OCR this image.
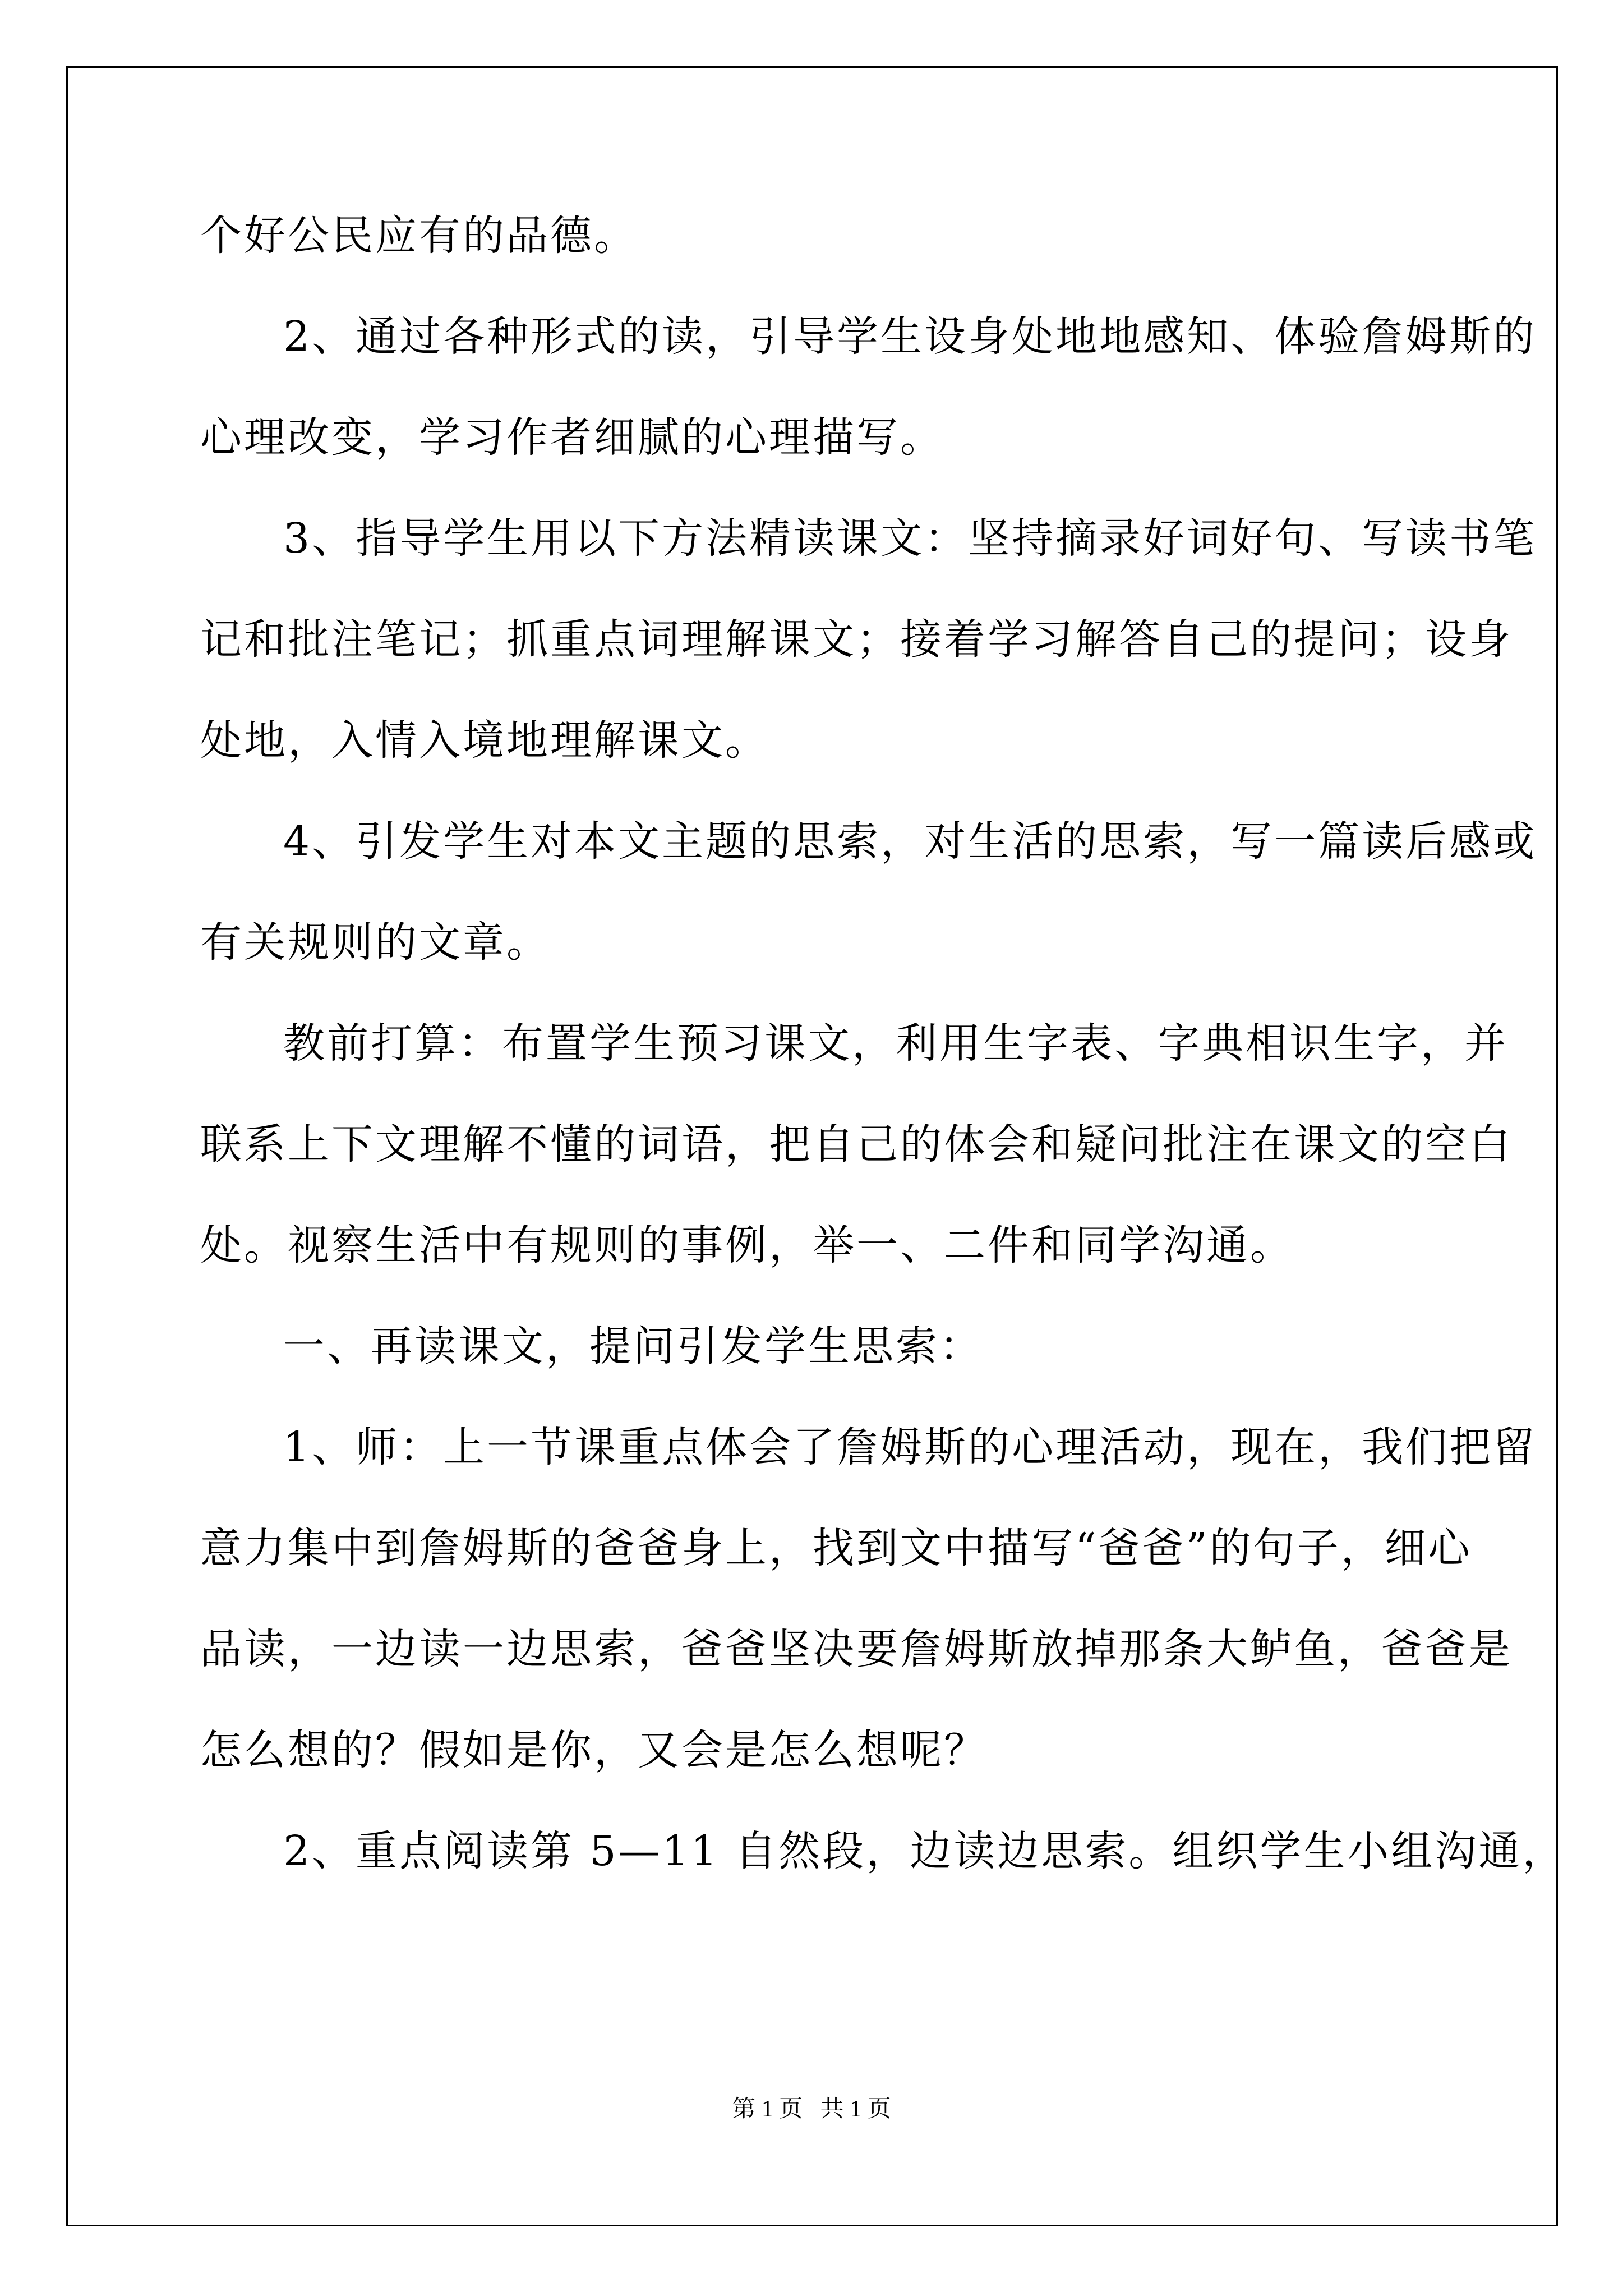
个好公民应有的品德。
2、通过各种形式的读，引导学生设身处地地感知、体验詹姆斯的
心理改变，学习作者细腻的心理描写。
3、指导学生用以下方法精读课文：坚持摘录好词好句、写读书笔
记和批注笔记；抓重点词理解课文；接着学习解答自己的提问；设身
处地，入情入境地理解课文。
4、引发学生对本文主题的思索，对生活的思索，写一篇读后感或
有关规则的文章。
教前打算：布置学生预习课文，利用生字表、字典相识生字，并
联系上下文理解不懂的词语，把自己的体会和疑问批注在课文的空白
处。视察生活中有规则的事例，举一、二件和同学沟通。
一、再读课文，提问引发学生思索：
1、师：上一节课重点体会了詹姆斯的心理活动，现在，我们把留
意力集中到詹姆斯的爸爸身上，找到文中描写“爸爸”的句子，细心
品读，一边读一边思索，爸爸坚决要詹姆斯放掉那条大鲈鱼，爸爸是
怎么想的？假如是你，又会是怎么想呢？
2、重点阅读第 5—11 自然段，边读边思索。组织学生小组沟通，
第 1 页   共 1 页
